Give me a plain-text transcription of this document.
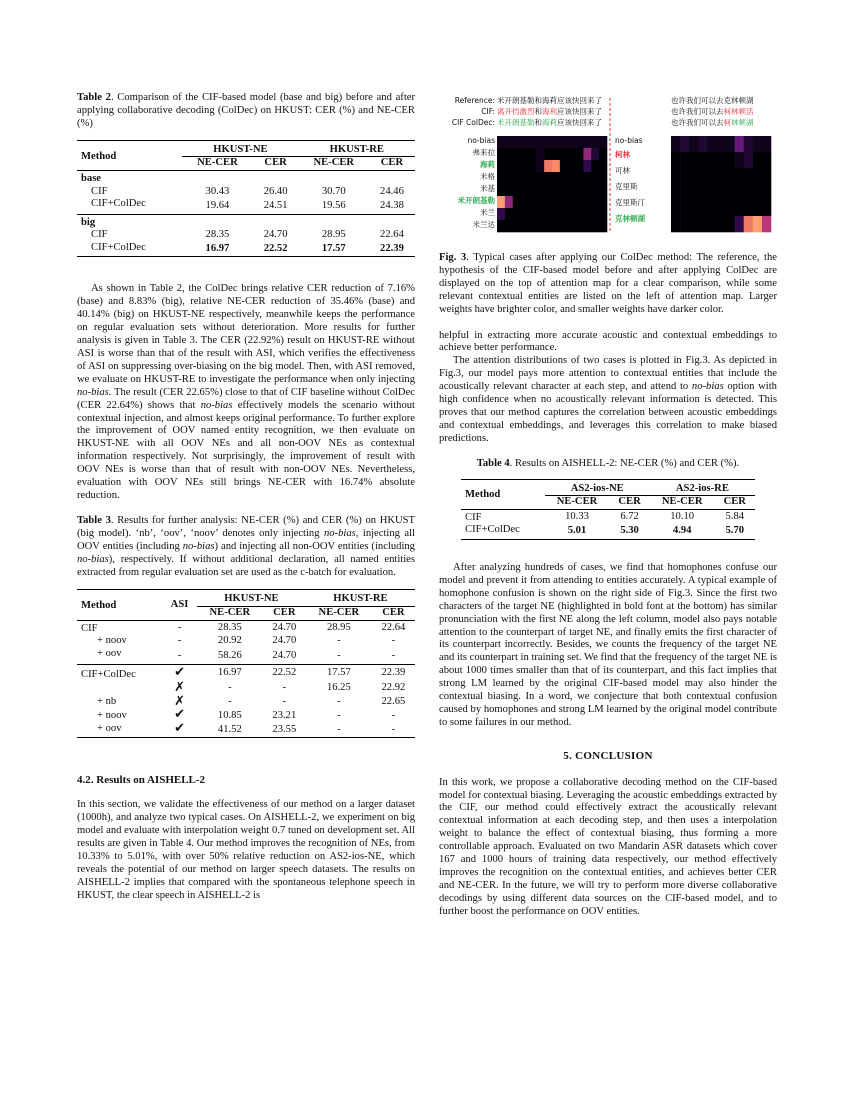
Table 2. Comparison of the CIF-based model (base and big) before and after applying collaborative decoding (ColDec) on HKUST: CER (%) and NE-CER (%)

Method	HKUST-NE		HKUST-RE	
	NE-CER	CER	NE-CER	CER
base				
CIF	30.43	26.40	30.70	24.46
CIF+ColDec	19.64	24.51	19.56	24.38
big				
CIF	28.35	24.70	28.95	22.64
CIF+ColDec	16.97	22.52	17.57	22.39

As shown in Table 2, the ColDec brings relative CER reduction of 7.16% (base) and 8.83% (big), relative NE-CER reduction of 35.46% (base) and 40.14% (big) on HKUST-NE respectively, meanwhile keeps the performance on regular evaluation sets without deterioration. More results for further analysis is given in Table 3. The CER (22.92%) result on HKUST-RE without ASI is worse than that of the result with ASI, which verifies the effectiveness of ASI on suppressing over-biasing on the big model. Then, with ASI removed, we evaluate on HKUST-RE to investigate the performance when only injecting no-bias. The result (CER 22.65%) close to that of CIF baseline without ColDec (CER 22.64%) shows that no-bias effectively models the scenario without contextual injection, and almost keeps original performance. To further explore the improvement of OOV named entity recognition, we then evaluate on HKUST-NE with all OOV NEs and all non-OOV NEs as contextual information respectively. Not surprisingly, the improvement of result with OOV NEs is worse than that of result with non-OOV NEs. Nevertheless, evaluation with OOV NEs still brings NE-CER with 16.74% absolute reduction.

Table 3. Results for further analysis: NE-CER (%) and CER (%) on HKUST (big model). ‘nb’, ‘oov’, ‘noov’ denotes only injecting no-bias, injecting all OOV entities (including no-bias) and injecting all non-OOV entities (including no-bias), respectively. If without additional declaration, all named entities extracted from regular evaluation set are used as the c-batch for evaluation.

Method	ASI	HKUST-NE		HKUST-RE	
		NE-CER	CER	NE-CER	CER
CIF	-	28.35	24.70	28.95	22.64
+ noov	-	20.92	24.70	-	-
+ oov	-	58.26	24.70	-	-
CIF+ColDec	✔	16.97	22.52	17.57	22.39
	✗	-	-	16.25	22.92
+ nb	✗	-	-	-	22.65
+ noov	✔	10.85	23.21	-	-
+ oov	✔	41.52	23.55	-	-
4.2. Results on AISHELL-2

In this section, we validate the effectiveness of our method on a larger dataset (1000h), and analyze two typical cases. On AISHELL-2, we experiment on big model and evaluate with interpolation weight 0.7 tuned on development set. All results are given in Table 4. Our method improves the recognition of NEs, from 10.33% to 5.01%, with over 50% relative reduction on AS2-ios-NE, which reveals the potential of our method on larger speech datasets. The results on AISHELL-2 implies that compared with the spontaneous telephone speech in HKUST, the clear speech in AISHELL-2 is

Reference:
CIF:
CIF ColDec:
米开朗基勒和海莉应该快回来了
离开挡激烈和海利应该快回来了
米开朗基勒和海莉应该快回来了
也许我们可以去克林顿湖
也许我们可以去柯林顿活
也许我们可以去柯林顿湖
no-bias
弗来拉
海莉
米格
米基
米开朗基勒
米兰
米兰达
no-bias
柯林
可林
克里斯
克里斯汀
克林顿湖

Fig. 3. Typical cases after applying our ColDec method: The reference, the hypothesis of the CIF-based model before and after applying ColDec are displayed on the top of attention map for a clear comparison, while some relevant contextual entities are listed on the left of attention map. Larger weights have brighter color, and smaller weights have darker color.

helpful in extracting more accurate acoustic and contextual embeddings to achieve better performance.

The attention distributions of two cases is plotted in Fig.3. As depicted in Fig.3, our model pays more attention to contextual entities that include the acoustically relevant character at each step, and attend to no-bias option with high confidence when no acoustically relevant information is detected. This proves that our method captures the correlation between acoustic embeddings and contextual embeddings, and leverages this correlation to make biased predictions.

Table 4. Results on AISHELL-2: NE-CER (%) and CER (%).

Method	AS2-ios-NE		AS2-ios-RE	
	NE-CER	CER	NE-CER	CER
CIF	10.33	6.72	10.10	5.84
CIF+ColDec	5.01	5.30	4.94	5.70

After analyzing hundreds of cases, we find that homophones confuse our model and prevent it from attending to entities accurately. A typical example of homophone confusion is shown on the right side of Fig.3. Since the first two characters of the target NE (highlighted in bold font at the bottom) has similar pronunciation with the first NE along the left column, model also pays notable attention to the counterpart of target NE, and finally emits the first character of its counterpart incorrectly. Besides, we counts the frequency of the target NE and its counterpart in training set. We find that the frequency of the target NE is about 1000 times smaller than that of its counterpart, and this fact implies that strong LM learned by the original CIF-based model may also hinder the contextual biasing. In a word, we conjecture that both contextual confusion caused by homophones and strong LM learned by the original model contribute to some failures in our method.

5. CONCLUSION

In this work, we propose a collaborative decoding method on the CIF-based model for contextual biasing. Leveraging the acoustic embeddings extracted by the CIF, our method could effectively extract the acoustically relevant contextual information at each decoding step, and then uses a interpolation weight to balance the effect of contextual biasing, thus forming a more controllable approach. Evaluated on two Mandarin ASR datasets which cover 167 and 1000 hours of training data respectively, our method effectively improves the recognition on the contextual entities, and achieves better CER and NE-CER. In the future, we will try to perform more diverse collaborative decodings by using different data sources on the CIF-based model, and to further boost the performance on OOV entities.
